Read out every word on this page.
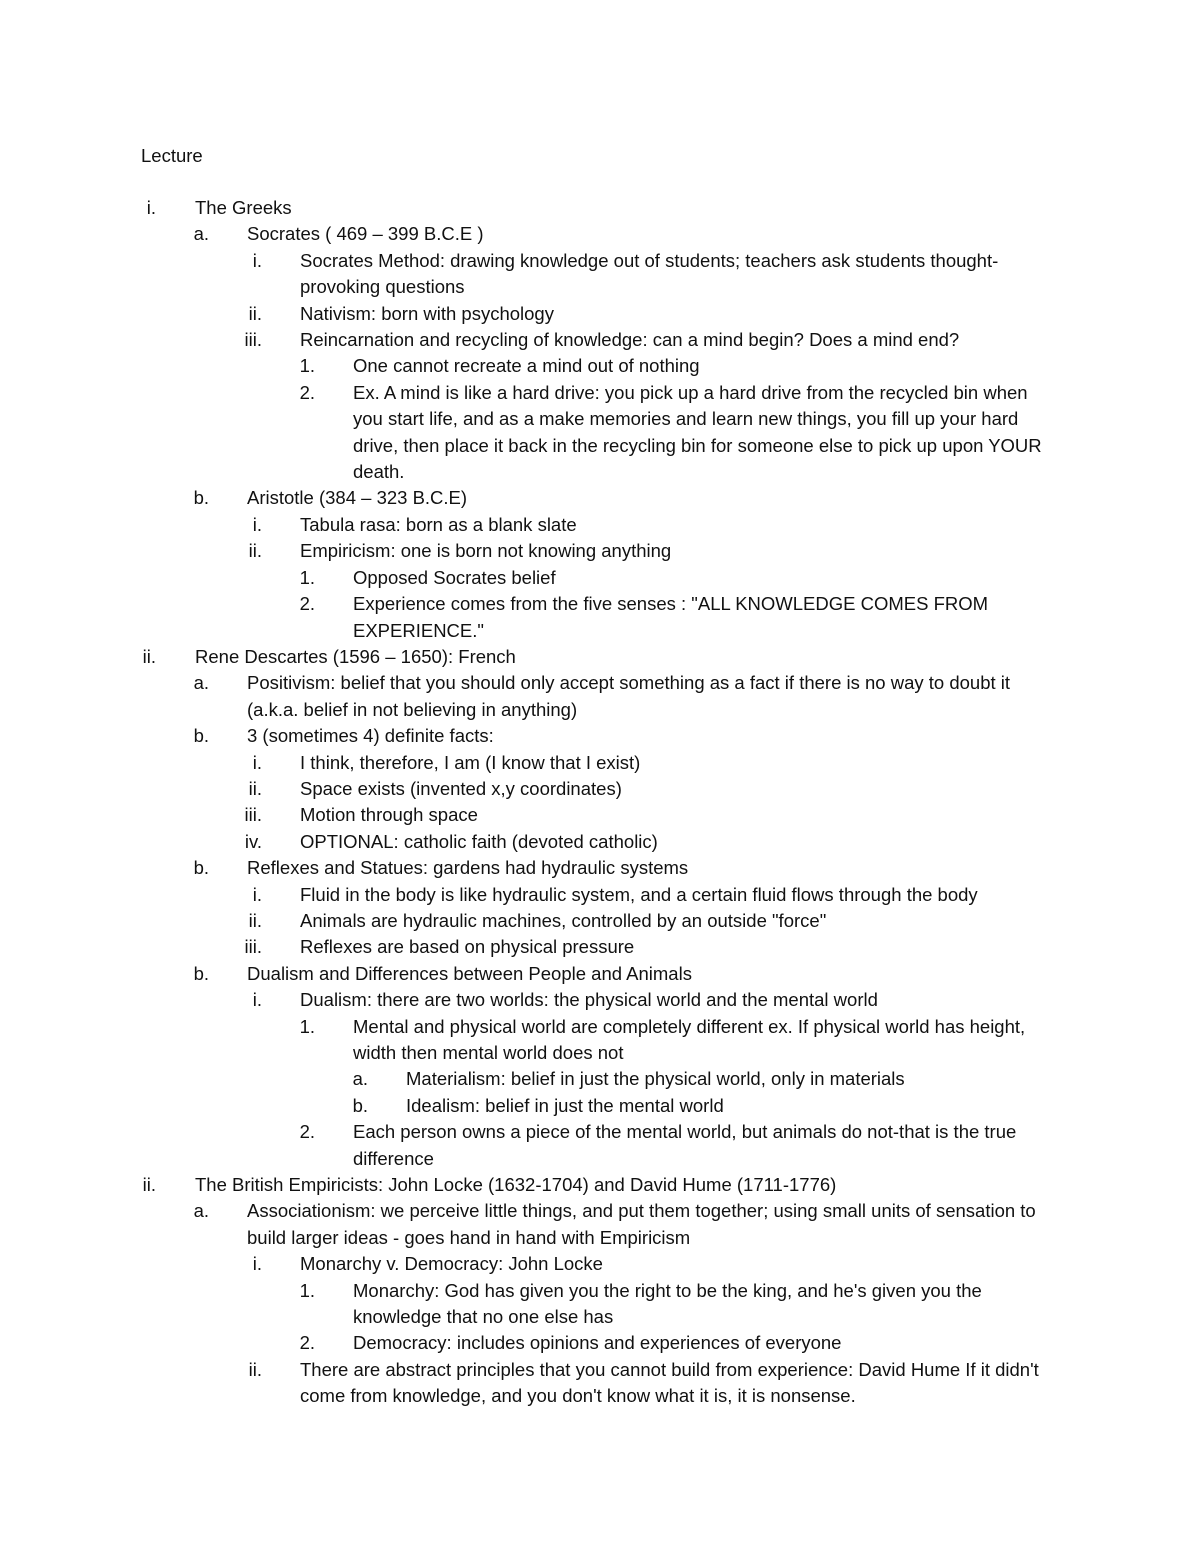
Lecture
i. The Greeks
a. Socrates ( 469 – 399 B.C.E )
i. Socrates Method: drawing knowledge out of students; teachers ask students thought-provoking questions
ii. Nativism: born with psychology
iii. Reincarnation and recycling of knowledge: can a mind begin? Does a mind end?
1. One cannot recreate a mind out of nothing
2. Ex. A mind is like a hard drive: you pick up a hard drive from the recycled bin when you start life, and as a make memories and learn new things, you fill up your hard drive, then place it back in the recycling bin for someone else to pick up upon YOUR death.
b. Aristotle (384 – 323 B.C.E)
i. Tabula rasa: born as a blank slate
ii. Empiricism: one is born not knowing anything
1. Opposed Socrates belief
2. Experience comes from the five senses : "ALL KNOWLEDGE COMES FROM EXPERIENCE."
ii. Rene Descartes (1596 – 1650): French
a. Positivism: belief that you should only accept something as a fact if there is no way to doubt it (a.k.a. belief in not believing in anything)
b. 3 (sometimes 4) definite facts:
i. I think, therefore, I am (I know that I exist)
ii. Space exists (invented x,y coordinates)
iii. Motion through space
iv. OPTIONAL: catholic faith (devoted catholic)
b. Reflexes and Statues: gardens had hydraulic systems
i. Fluid in the body is like hydraulic system, and a certain fluid flows through the body
ii. Animals are hydraulic machines, controlled by an outside "force"
iii. Reflexes are based on physical pressure
b. Dualism and Differences between People and Animals
i. Dualism: there are two worlds: the physical world and the mental world
1. Mental and physical world are completely different ex. If physical world has height, width then mental world does not
a. Materialism: belief in just the physical world, only in materials
b. Idealism: belief in just the mental world
2. Each person owns a piece of the mental world, but animals do not-that is the true difference
ii. The British Empiricists: John Locke (1632-1704) and David Hume (1711-1776)
a. Associationism: we perceive little things, and put them together; using small units of sensation to build larger ideas - goes hand in hand with Empiricism
i. Monarchy v. Democracy: John Locke
1. Monarchy: God has given you the right to be the king, and he's given you the knowledge that no one else has
2. Democracy: includes opinions and experiences of everyone
ii. There are abstract principles that you cannot build from experience: David Hume If it didn't come from knowledge, and you don't know what it is, it is nonsense.
